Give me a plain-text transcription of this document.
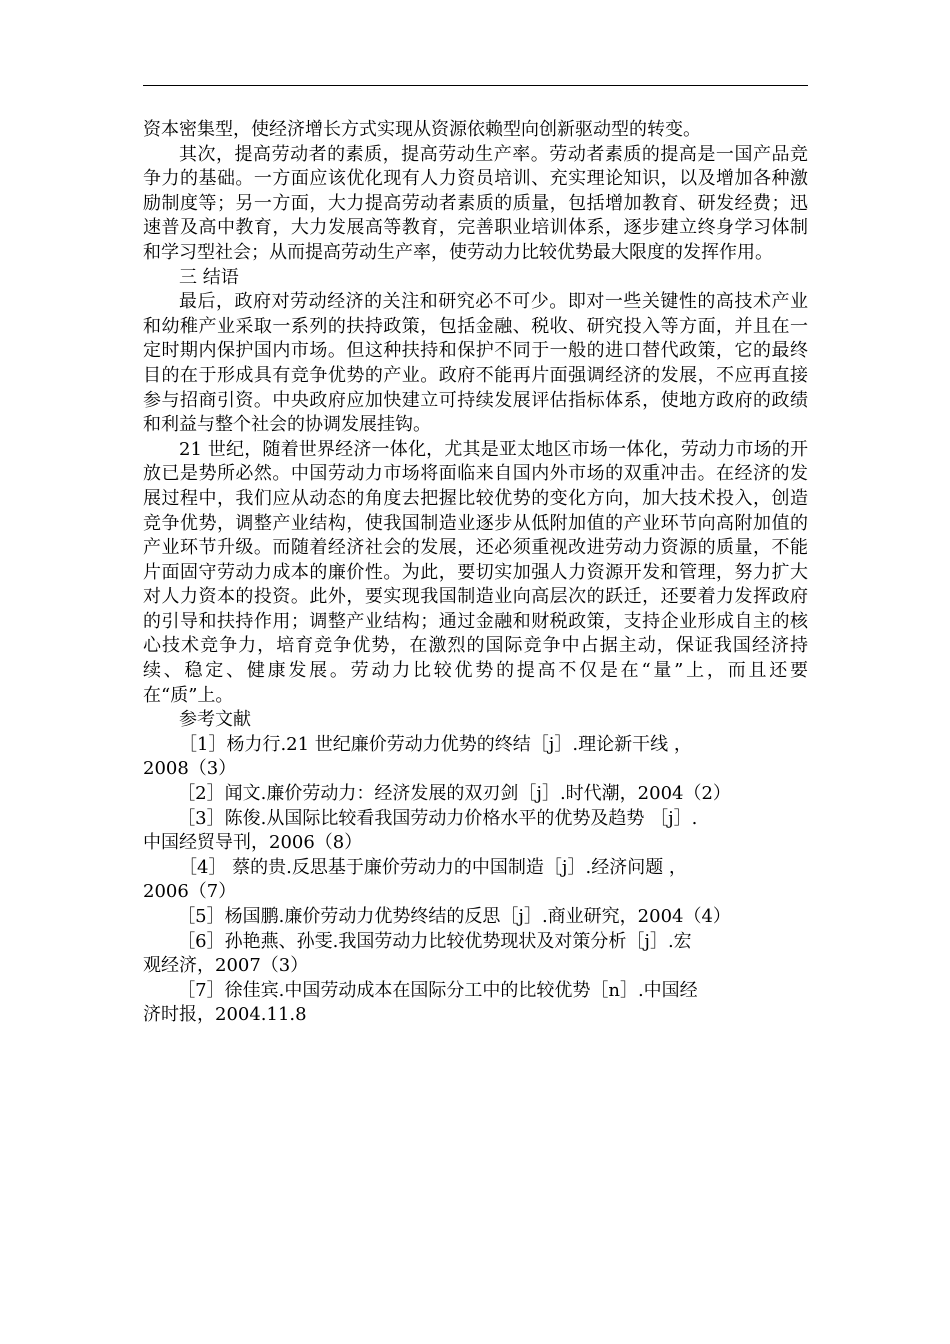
资本密集型，使经济增长方式实现从资源依赖型向创新驱动型的转变。

其次，提高劳动者的素质，提高劳动生产率。劳动者素质的提高是一国产品竞争力的基础。一方面应该优化现有人力资员培训、充实理论知识，以及增加各种激励制度等；另一方面，大力提高劳动者素质的质量，包括增加教育、研发经费；迅速普及高中教育，大力发展高等教育，完善职业培训体系，逐步建立终身学习体制和学习型社会；从而提高劳动生产率，使劳动力比较优势最大限度的发挥作用。

三 结语

最后，政府对劳动经济的关注和研究必不可少。即对一些关键性的高技术产业和幼稚产业采取一系列的扶持政策，包括金融、税收、研究投入等方面，并且在一定时期内保护国内市场。但这种扶持和保护不同于一般的进口替代政策，它的最终目的在于形成具有竞争优势的产业。政府不能再片面强调经济的发展，不应再直接参与招商引资。中央政府应加快建立可持续发展评估指标体系，使地方政府的政绩和利益与整个社会的协调发展挂钩。

21 世纪，随着世界经济一体化，尤其是亚太地区市场一体化，劳动力市场的开放已是势所必然。中国劳动力市场将面临来自国内外市场的双重冲击。在经济的发展过程中，我们应从动态的角度去把握比较优势的变化方向，加大技术投入，创造竞争优势，调整产业结构，使我国制造业逐步从低附加值的产业环节向高附加值的产业环节升级。而随着经济社会的发展，还必须重视改进劳动力资源的质量，不能片面固守劳动力成本的廉价性。为此，要切实加强人力资源开发和管理，努力扩大对人力资本的投资。此外，要实现我国制造业向高层次的跃迁，还要着力发挥政府的引导和扶持作用；调整产业结构；通过金融和财税政策，支持企业形成自主的核心技术竞争力，培育竞争优势，在激烈的国际竞争中占据主动，保证我国经济持续、稳定、健康发展。劳动力比较优势的提高不仅是在“量”上，而且还要在“质”上。

参考文献

［1］杨力行.21 世纪廉价劳动力优势的终结［j］.理论新干线 ，

2008（3）

［2］闻文.廉价劳动力：经济发展的双刃剑［j］.时代潮，2004（2）

［3］陈俊.从国际比较看我国劳动力价格水平的优势及趋势 ［j］.

中国经贸导刊，2006（8）

［4］ 蔡的贵.反思基于廉价劳动力的中国制造［j］.经济问题 ，

2006（7）

［5］杨国鹏.廉价劳动力优势终结的反思［j］.商业研究，2004（4）

［6］孙艳燕、孙雯.我国劳动力比较优势现状及对策分析［j］.宏

观经济，2007（3）

［7］徐佳宾.中国劳动成本在国际分工中的比较优势［n］.中国经

济时报，2004.11.8
